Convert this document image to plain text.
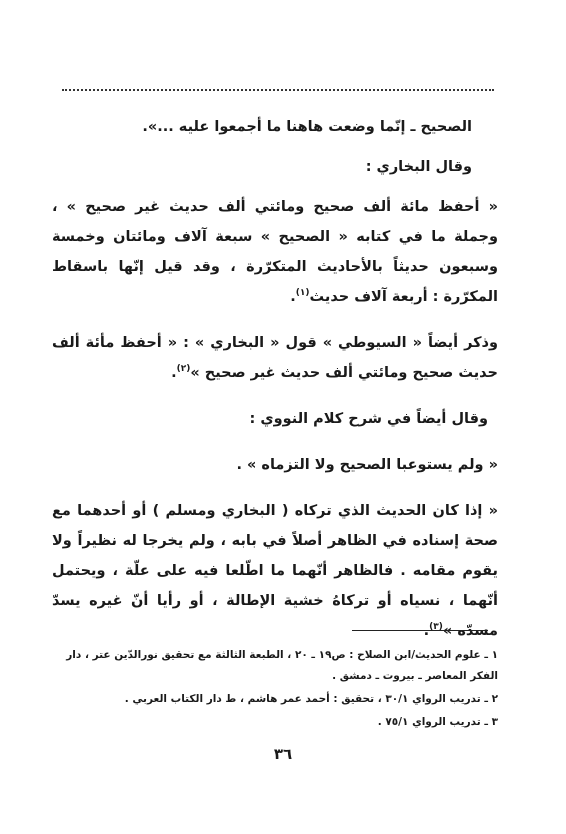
الصحيح ـ إنّما وضعت هاهنا ما أجمعوا عليه ...».

وقال البخاري :

« أحفظ مائة ألف صحيح ومائتي ألف حديث غير صحيح » ، وجملة ما في كتابه « الصحيح » سبعة آلاف ومائتان وخمسة وسبعون حديثاً بالأحاديث المتكرّرة ، وقد قيل إنّها باسقاط المكرّرة : أربعة آلاف حديث$^{(١)}$.

وذكر أيضاً « السيوطي » قول « البخاري » : « أحفظ مأئة ألف حديث صحيح ومائتي ألف حديث غير صحيح »$^{(٢)}$.

وقال أيضاً في شرح كلام النووي :

« ولم يستوعبا الصحيح ولا التزماه » .

« إذا كان الحديث الذي تركاه ( البخاري ومسلم ) أو أحدهما مع صحة إسناده في الظاهر أصلاً في بابه ، ولم يخرجا له نظيراً ولا يقوم مقامه . فالظاهر أنّهما ما اطّلعا فيه على علّة ، ويحتمل أنّهما ، نسياه أو تركاهُ خشية الإطالة ، أو رأيا أنّ غيره يسدّ مسدّه »$^{(٣)}$.

١ ـ علوم الحديث/ابن الصلاح : ص١٩ ـ ٢٠ ، الطبعة الثالثة مع تحقيق نورالدّين عتر ، دار الفكر المعاصر ـ بيروت ـ دمشق .

٢ ـ تدريب الرواي ٣٠/١ ، تحقيق : أحمد عمر هاشم ، ط دار الكتاب العربي .

٣ ـ تدريب الرواي ٧٥/١ .

٣٦
